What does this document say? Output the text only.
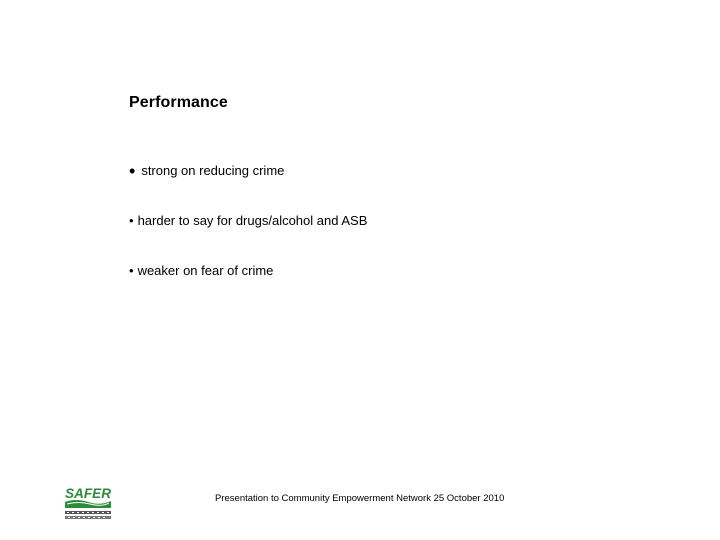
Performance
• strong on reducing crime
• harder to say for drugs/alcohol and ASB
• weaker on fear of crime
SAFER	Presentation to Community Empowerment Network 25 October 2010
